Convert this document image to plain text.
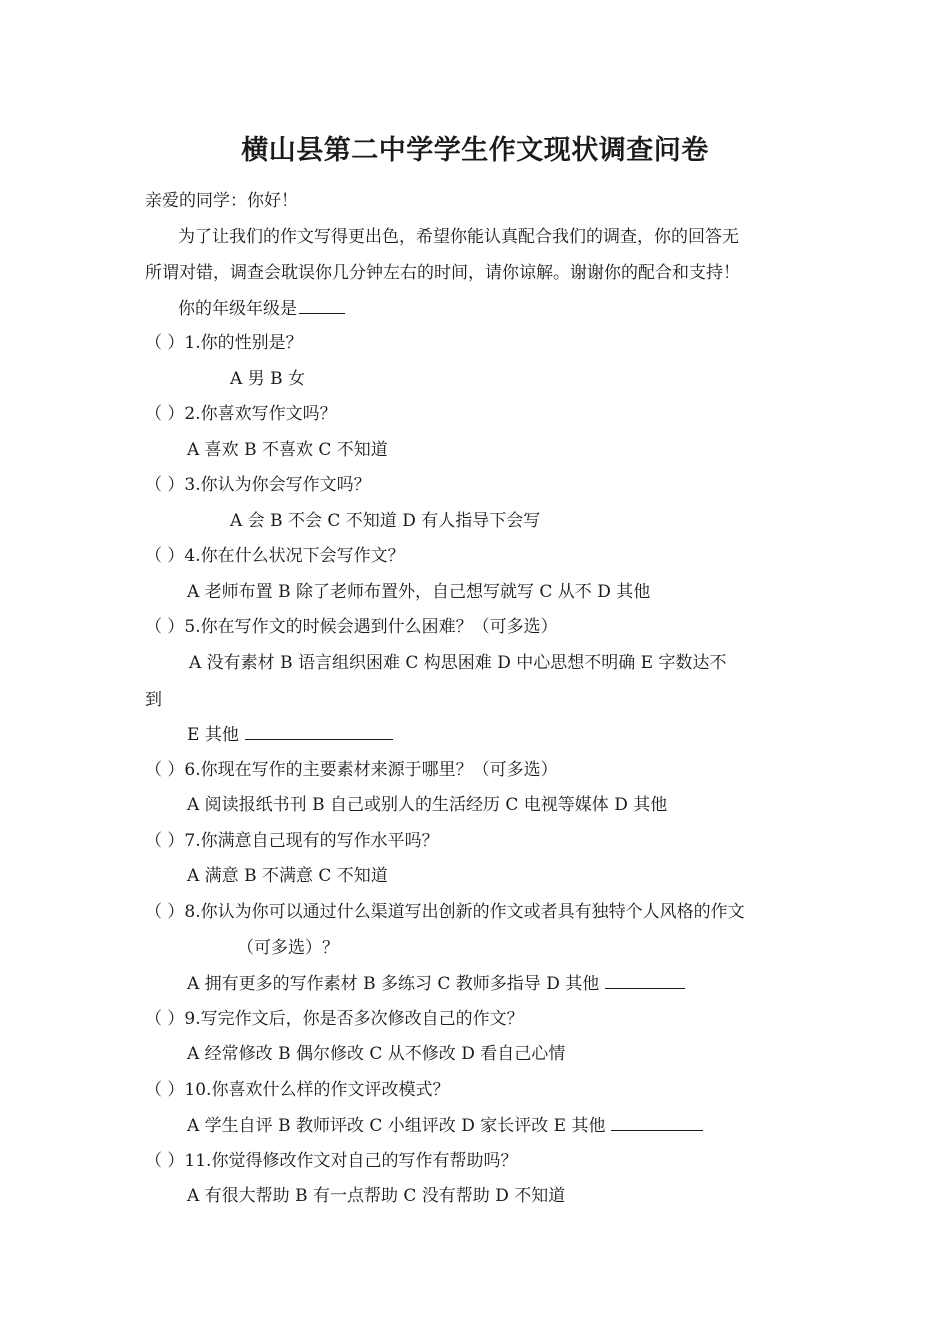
横山县第二中学学生作文现状调查问卷

亲爱的同学：你好！

为了让我们的作文写得更出色，希望你能认真配合我们的调查，你的回答无

所谓对错，调查会耽误你几分钟左右的时间，请你谅解。谢谢你的配合和支持！

你的年级年级是

（ ）1.你的性别是？

A 男 B 女

（ ）2.你喜欢写作文吗？

A 喜欢 B 不喜欢 C 不知道

（ ）3.你认为你会写作文吗？

A 会 B 不会 C 不知道 D 有人指导下会写

（ ）4.你在什么状况下会写作文？

A 老师布置 B 除了老师布置外，自己想写就写 C 从不 D 其他

（ ）5.你在写作文的时候会遇到什么困难？（可多选）

A 没有素材 B 语言组织困难 C 构思困难 D 中心思想不明确 E 字数达不

到

E 其他

（ ）6.你现在写作的主要素材来源于哪里？（可多选）

A 阅读报纸书刊 B 自己或别人的生活经历 C 电视等媒体 D 其他

（ ）7.你满意自己现有的写作水平吗？

A 满意 B 不满意 C 不知道

（ ）8.你认为你可以通过什么渠道写出创新的作文或者具有独特个人风格的作文

（可多选）？

A 拥有更多的写作素材 B 多练习 C 教师多指导 D 其他

（ ）9.写完作文后，你是否多次修改自己的作文？

A 经常修改 B 偶尔修改 C 从不修改 D 看自己心情

（ ）10.你喜欢什么样的作文评改模式？

A 学生自评 B 教师评改 C 小组评改 D 家长评改 E 其他

（ ）11.你觉得修改作文对自己的写作有帮助吗？

A 有很大帮助 B 有一点帮助 C 没有帮助 D 不知道
